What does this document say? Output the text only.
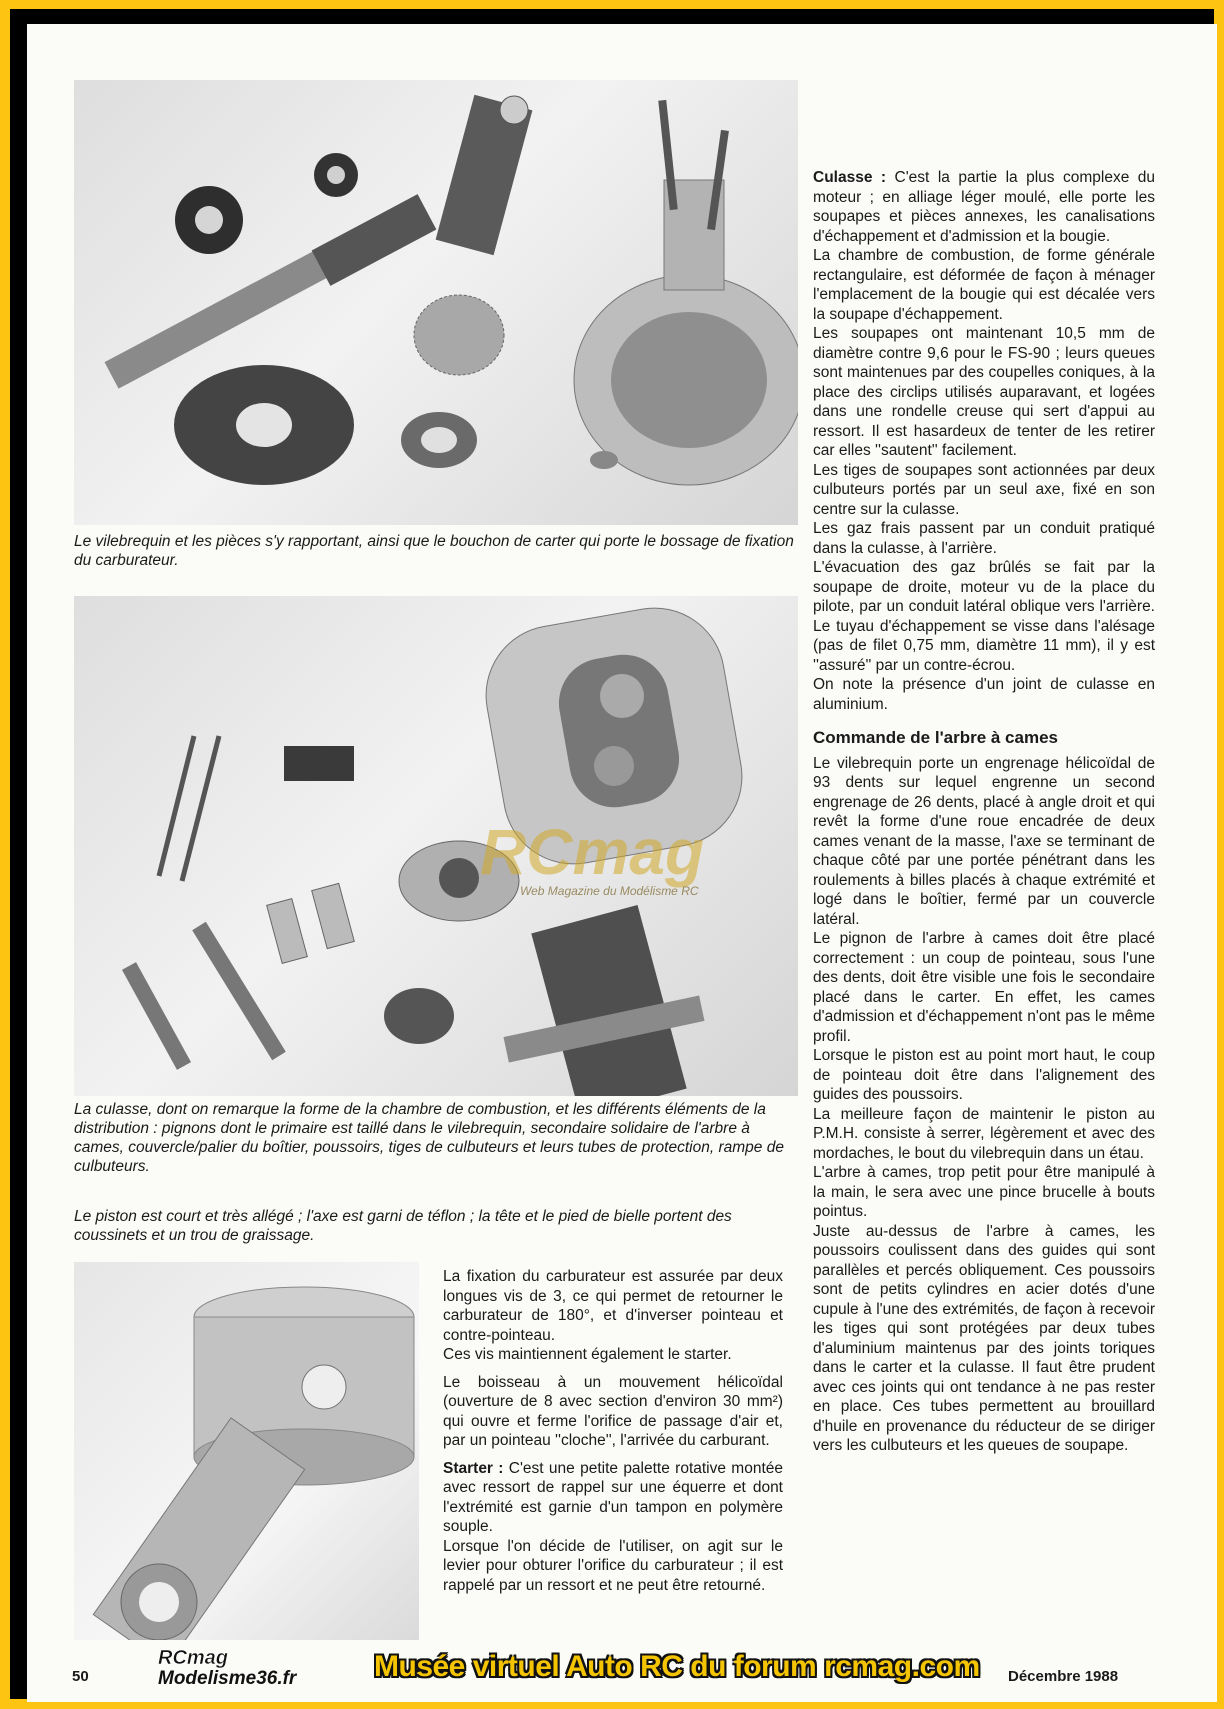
Le vilebrequin et les pièces s'y rapportant, ainsi que le bouchon de carter qui porte le bossage de fixation du carburateur.

La culasse, dont on remarque la forme de la chambre de combustion, et les différents éléments de la distribution : pignons dont le primaire est taillé dans le vilebrequin, secondaire solidaire de l'arbre à cames, couvercle/palier du boîtier, poussoirs, tiges de culbuteurs et leurs tubes de protection, rampe de culbuteurs.

Le piston est court et très allégé ; l'axe est garni de téflon ; la tête et le pied de bielle portent des coussinets et un trou de graissage.

La fixation du carburateur est assurée par deux longues vis de 3, ce qui permet de retourner le carburateur de 180°, et d'inverser pointeau et contre-pointeau.

Ces vis maintiennent également le starter.

Le boisseau à un mouvement hélicoïdal (ouverture de 8 avec section d'environ 30 mm²) qui ouvre et ferme l'orifice de passage d'air et, par un pointeau ''cloche'', l'arrivée du carburant.

Starter : C'est une petite palette rotative montée avec ressort de rappel sur une équerre et dont l'extrémité est garnie d'un tampon en polymère souple.

Lorsque l'on décide de l'utiliser, on agit sur le levier pour obturer l'orifice du carburateur ; il est rappelé par un ressort et ne peut être retourné.

Culasse : C'est la partie la plus complexe du moteur ; en alliage léger moulé, elle porte les soupapes et pièces annexes, les canalisations d'échappement et d'admission et la bougie.

La chambre de combustion, de forme générale rectangulaire, est déformée de façon à ménager l'emplacement de la bougie qui est décalée vers la soupape d'échappement.

Les soupapes ont maintenant 10,5 mm de diamètre contre 9,6 pour le FS-90 ; leurs queues sont maintenues par des coupelles coniques, à la place des circlips utilisés auparavant, et logées dans une rondelle creuse qui sert d'appui au ressort. Il est hasardeux de tenter de les retirer car elles ''sautent'' facilement.

Les tiges de soupapes sont actionnées par deux culbuteurs portés par un seul axe, fixé en son centre sur la culasse.

Les gaz frais passent par un conduit pratiqué dans la culasse, à l'arrière.

L'évacuation des gaz brûlés se fait par la soupape de droite, moteur vu de la place du pilote, par un conduit latéral oblique vers l'arrière. Le tuyau d'échappement se visse dans l'alésage (pas de filet 0,75 mm, diamètre 11 mm), il y est ''assuré'' par un contre-écrou.

On note la présence d'un joint de culasse en aluminium.

Commande de l'arbre à cames

Le vilebrequin porte un engrenage hélicoïdal de 93 dents sur lequel engrenne un second engrenage de 26 dents, placé à angle droit et qui revêt la forme d'une roue encadrée de deux cames venant de la masse, l'axe se terminant de chaque côté par une portée pénétrant dans les roulements à billes placés à chaque extrémité et logé dans le boîtier, fermé par un couvercle latéral.

Le pignon de l'arbre à cames doit être placé correctement : un coup de pointeau, sous l'une des dents, doit être visible une fois le secondaire placé dans le carter. En effet, les cames d'admission et d'échappement n'ont pas le même profil.

Lorsque le piston est au point mort haut, le coup de pointeau doit être dans l'alignement des guides des poussoirs.

La meilleure façon de maintenir le piston au P.M.H. consiste à serrer, légèrement et avec des mordaches, le bout du vilebrequin dans un étau.

L'arbre à cames, trop petit pour être manipulé à la main, le sera avec une pince brucelle à bouts pointus.

Juste au-dessus de l'arbre à cames, les poussoirs coulissent dans des guides qui sont parallèles et percés obliquement. Ces poussoirs sont de petits cylindres en acier dotés d'une cupule à l'une des extrémités, de façon à recevoir les tiges qui sont protégées par deux tubes d'aluminium maintenus par des joints toriques dans le carter et la culasse. Il faut être prudent avec ces joints qui ont tendance à ne pas rester en place. Ces tubes permettent au brouillard d'huile en provenance du réducteur de se diriger vers les culbuteurs et les queues de soupape.

RCmag
Web Magazine du Modélisme RC
50
RCmag
Modelisme36.fr	Musée virtuel Auto RC du forum rcmag.com	Décembre 1988
